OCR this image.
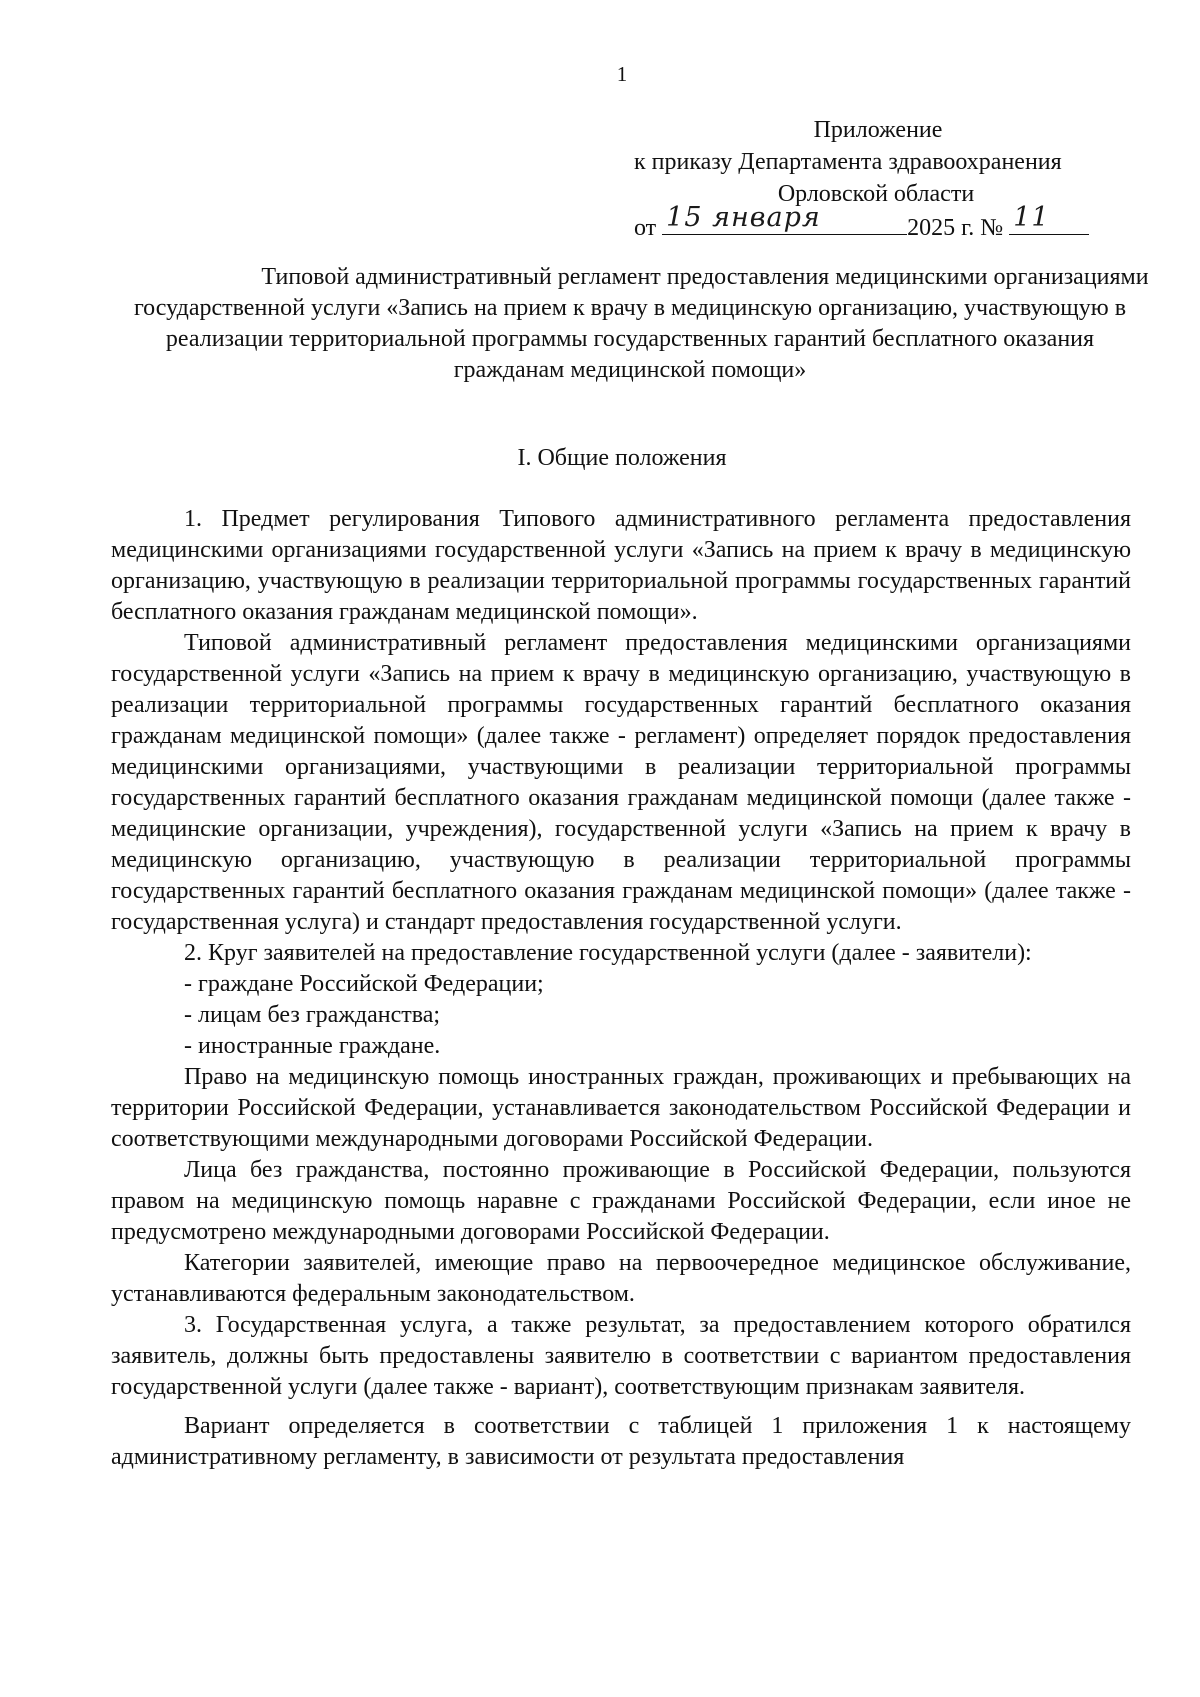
1
Приложение
к приказу Департамента здравоохранения
Орловской области
от 15 января	2025 г. № 11
Типовой административный регламент предоставления медицинскими организациями государственной услуги «Запись на прием к врачу в медицинскую организацию, участвующую в реализации территориальной программы государственных гарантий бесплатного оказания гражданам медицинской помощи»
I. Общие положения

1. Предмет регулирования Типового административного регламента предоставления медицинскими организациями государственной услуги «Запись на прием к врачу в медицинскую организацию, участвующую в реализации территориальной программы государственных гарантий бесплатного оказания гражданам медицинской помощи».

Типовой административный регламент предоставления медицинскими организациями государственной услуги «Запись на прием к врачу в медицинскую организацию, участвующую в реализации территориальной программы государственных гарантий бесплатного оказания гражданам медицинской помощи» (далее также - регламент) определяет порядок предоставления медицинскими организациями, участвующими в реализации территориальной программы государственных гарантий бесплатного оказания гражданам медицинской помощи (далее также - медицинские организации, учреждения), государственной услуги «Запись на прием к врачу в медицинскую организацию, участвующую в реализации территориальной программы государственных гарантий бесплатного оказания гражданам медицинской помощи» (далее также - государственная услуга) и стандарт предоставления государственной услуги.

2. Круг заявителей на предоставление государственной услуги (далее - заявители):

- граждане Российской Федерации;

- лицам без гражданства;

- иностранные граждане.

Право на медицинскую помощь иностранных граждан, проживающих и пребывающих на территории Российской Федерации, устанавливается законодательством Российской Федерации и соответствующими международными договорами Российской Федерации.

Лица без гражданства, постоянно проживающие в Российской Федерации, пользуются правом на медицинскую помощь наравне с гражданами Российской Федерации, если иное не предусмотрено международными договорами Российской Федерации.

Категории заявителей, имеющие право на первоочередное медицинское обслуживание, устанавливаются федеральным законодательством.

3. Государственная услуга, а также результат, за предоставлением которого обратился заявитель, должны быть предоставлены заявителю в соответствии с вариантом предоставления государственной услуги (далее также - вариант), соответствующим признакам заявителя.

Вариант определяется в соответствии с таблицей 1 приложения 1 к настоящему административному регламенту, в зависимости от результата предоставления
